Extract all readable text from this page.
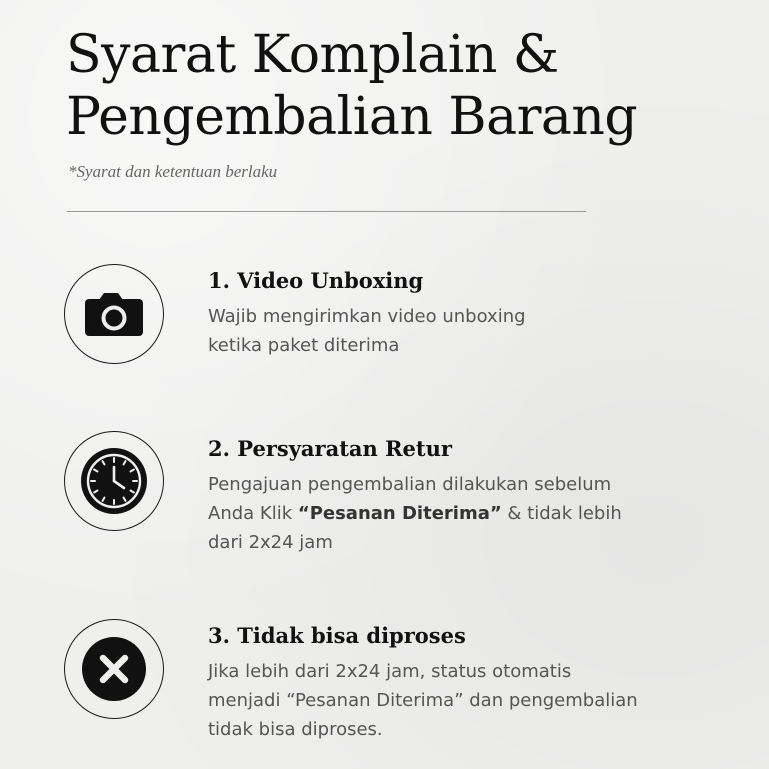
Syarat Komplain &
Pengembalian Barang

*Syarat dan ketentuan berlaku

1. Video Unboxing

Wajib mengirimkan video unboxing
ketika paket diterima

2. Persyaratan Retur

Pengajuan pengembalian dilakukan sebelum
Anda Klik “Pesanan Diterima” & tidak lebih
dari 2x24 jam

3. Tidak bisa diproses

Jika lebih dari 2x24 jam, status otomatis
menjadi “Pesanan Diterima” dan pengembalian
tidak bisa diproses.
